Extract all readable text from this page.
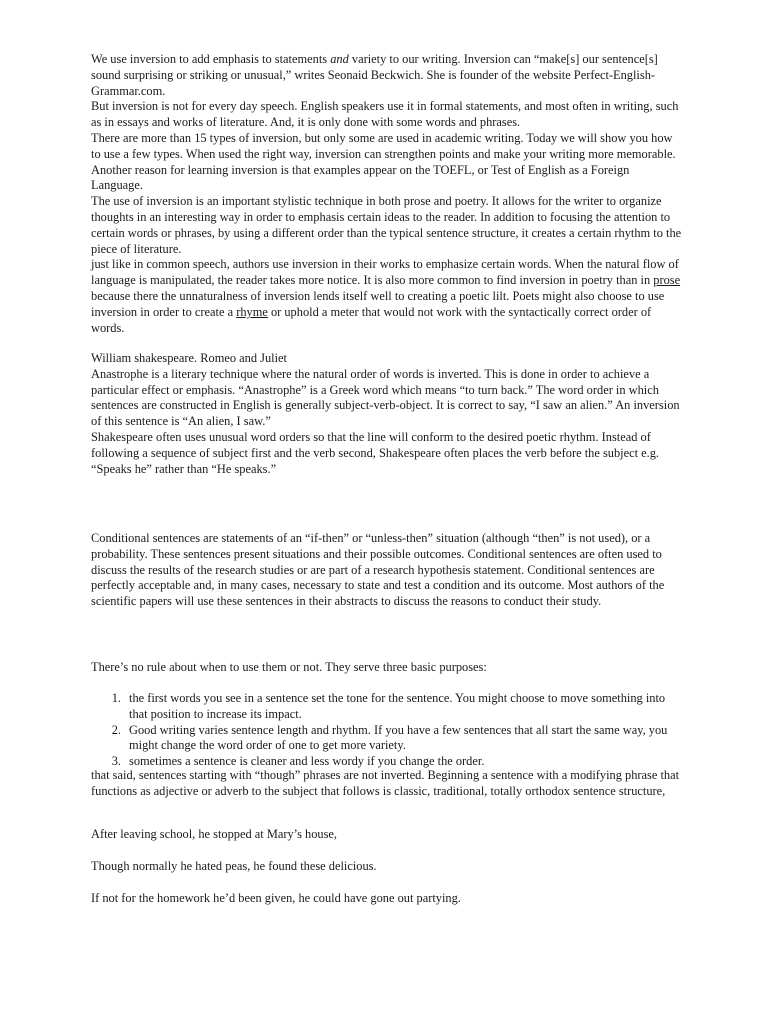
We use inversion to add emphasis to statements and variety to our writing. Inversion can “make[s] our sentence[s] sound surprising or striking or unusual,” writes Seonaid Beckwich. She is founder of the website Perfect-English-Grammar.com.

But inversion is not for every day speech. English speakers use it in formal statements, and most often in writing, such as in essays and works of literature. And, it is only done with some words and phrases.

There are more than 15 types of inversion, but only some are used in academic writing. Today we will show you how to use a few types. When used the right way, inversion can strengthen points and make your writing more memorable. Another reason for learning inversion is that examples appear on the TOEFL, or Test of English as a Foreign Language.

The use of inversion is an important stylistic technique in both prose and poetry. It allows for the writer to organize thoughts in an interesting way in order to emphasis certain ideas to the reader. In addition to focusing the attention to certain words or phrases, by using a different order than the typical sentence structure, it creates a certain rhythm to the piece of literature.

just like in common speech, authors use inversion in their works to emphasize certain words. When the natural flow of language is manipulated, the reader takes more notice. It is also more common to find inversion in poetry than in prose because there the unnaturalness of inversion lends itself well to creating a poetic lilt. Poets might also choose to use inversion in order to create a rhyme or uphold a meter that would not work with the syntactically correct order of words.

William shakespeare. Romeo and Juliet

Anastrophe is a literary technique where the natural order of words is inverted. This is done in order to achieve a particular effect or emphasis. “Anastrophe” is a Greek word which means “to turn back.” The word order in which sentences are constructed in English is generally subject-verb-object. It is correct to say, “I saw an alien.” An inversion of this sentence is “An alien, I saw.”

Shakespeare often uses unusual word orders so that the line will conform to the desired poetic rhythm. Instead of following a sequence of subject first and the verb second, Shakespeare often places the verb before the subject e.g. “Speaks he” rather than “He speaks.”

Conditional sentences are statements of an “if-then” or “unless-then” situation (although “then” is not used), or a probability. These sentences present situations and their possible outcomes. Conditional sentences are often used to discuss the results of the research studies or are part of a research hypothesis statement. Conditional sentences are perfectly acceptable and, in many cases, necessary to state and test a condition and its outcome. Most authors of the scientific papers will use these sentences in their abstracts to discuss the reasons to conduct their study.

There’s no rule about when to use them or not. They serve three basic purposes:

1. the first words you see in a sentence set the tone for the sentence. You might choose to move something into that position to increase its impact.
2. Good writing varies sentence length and rhythm. If you have a few sentences that all start the same way, you might change the word order of one to get more variety.
3. sometimes a sentence is cleaner and less wordy if you change the order.

that said, sentences starting with “though” phrases are not inverted. Beginning a sentence with a modifying phrase that functions as adjective or adverb to the subject that follows is classic, traditional, totally orthodox sentence structure,

After leaving school, he stopped at Mary’s house,

Though normally he hated peas, he found these delicious.

If not for the homework he’d been given, he could have gone out partying.
